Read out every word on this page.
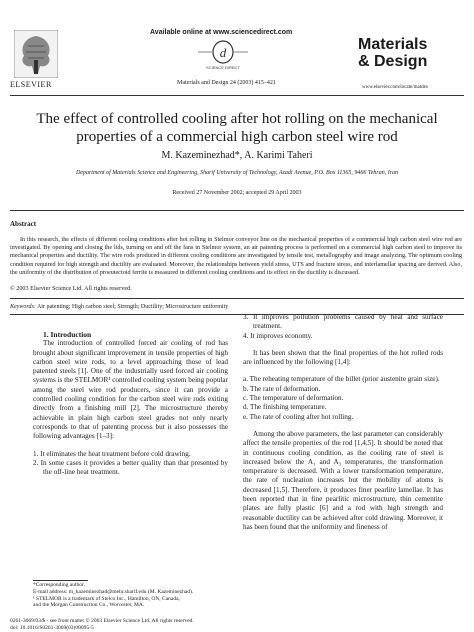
ELSEVIER
Available online at www.sciencedirect.com
d
SCIENCE DIRECT
Materials and Design 24 (2003) 415–421
Materials
& Design
www.elsevier.com/locate/matdes
The effect of controlled cooling after hot rolling on the mechanical properties of a commercial high carbon steel wire rod
M. Kazeminezhad*, A. Karimi Taheri
Department of Materials Science and Engineering, Sharif University of Technology, Azadi Avenue, P.O. Box 11365, 9466 Tehran, Iran
Received 27 November 2002; accepted 29 April 2003
Abstract
In this research, the effects of different cooling conditions after hot rolling in Stelmor conveyor line on the mechanical properties of a commercial high carbon steel wire rod are investigated. By opening and closing the lids, turning on and off the fans in Stelmor system, an air patenting process is performed on a commercial high carbon steel to improve its mechanical properties and ductility. The wire rods produced in different cooling conditions are investigated by tensile test, metallography and image analyzing. The optimum cooling condition required for high strength and ductility are evaluated. Moreover, the relationships between yield stress, UTS and fracture stress, and interlamellar spacing are derived. Also, the uniformity of the distribution of proeutectoid ferrite is measured in different cooling conditions and its effect on the ductility is discussed.
© 2003 Elsevier Science Ltd. All rights reserved.
Keywords: Air patenting; High carbon steel; Strength; Ductility; Microstructure uniformity

1. Introduction

The introduction of controlled forced air cooling of rod has brought about significant improvement in tensile properties of high carbon steel wire rods, to a level approaching those of lead patented steels [1]. One of the industrially used forced air cooling systems is the STELMOR¹ controlled cooling system being popular among the steel wire rod producers, since it can provide a controlled cooling condition for the carbon steel wire rods exiting directly from a finishing mill [2]. The microstructure thereby achievable in plain high carbon steel grades not only nearly corresponds to that of patenting process but it also possesses the following advantages [1–3]:

1. It eliminates the heat treatment before cold drawing.

2. In some cases it provides a better quality than that presented by the off-line heat treatment.

3. It improves pollution problems caused by heat and surface treatment.

4. It improves economy.

It has been shown that the final properties of the hot rolled rods are influenced by the following [1,4]:

a. The reheating temperature of the billet (prior austenite grain size).

b. The rate of deformation.

c. The temperature of deformation.

d. The finishing temperature.

e. The rate of cooling after hot rolling.

Among the above parameters, the last parameter can considerably affect the tensile properties of the rod [1,4,5]. It should be noted that in continuous cooling condition, as the cooling rate of steel is increased below the A₁ and A₃ temperatures, the transformation temperature is decreased. With a lower transformation temperature, the rate of nucleation increases but the mobility of atoms is decreased [1,5]. Therefore, it produces finer pearlite lamellae. It has been reported that in fine pearlitic microstructure, thin cementite plates are fully plastic [6] and a rod with high strength and reasonable ductility can be achieved after cold drawing. Moreover, it has been found that the uniformity and fineness of

*Corresponding author.
E-mail address: m_kazeminezhad@mehr.sharif.edu (M. Kazeminezhad).
¹ STELMOR is a trademark of Stelco Inc., Hamilton, ON, Canada,
and the Morgan Construction Co., Worcester, MA.
0261-3069/03/$ - see front matter © 2003 Elsevier Science Ltd. All rights reserved.
doi: 10.1016/S0261-3069(03)00095-5
